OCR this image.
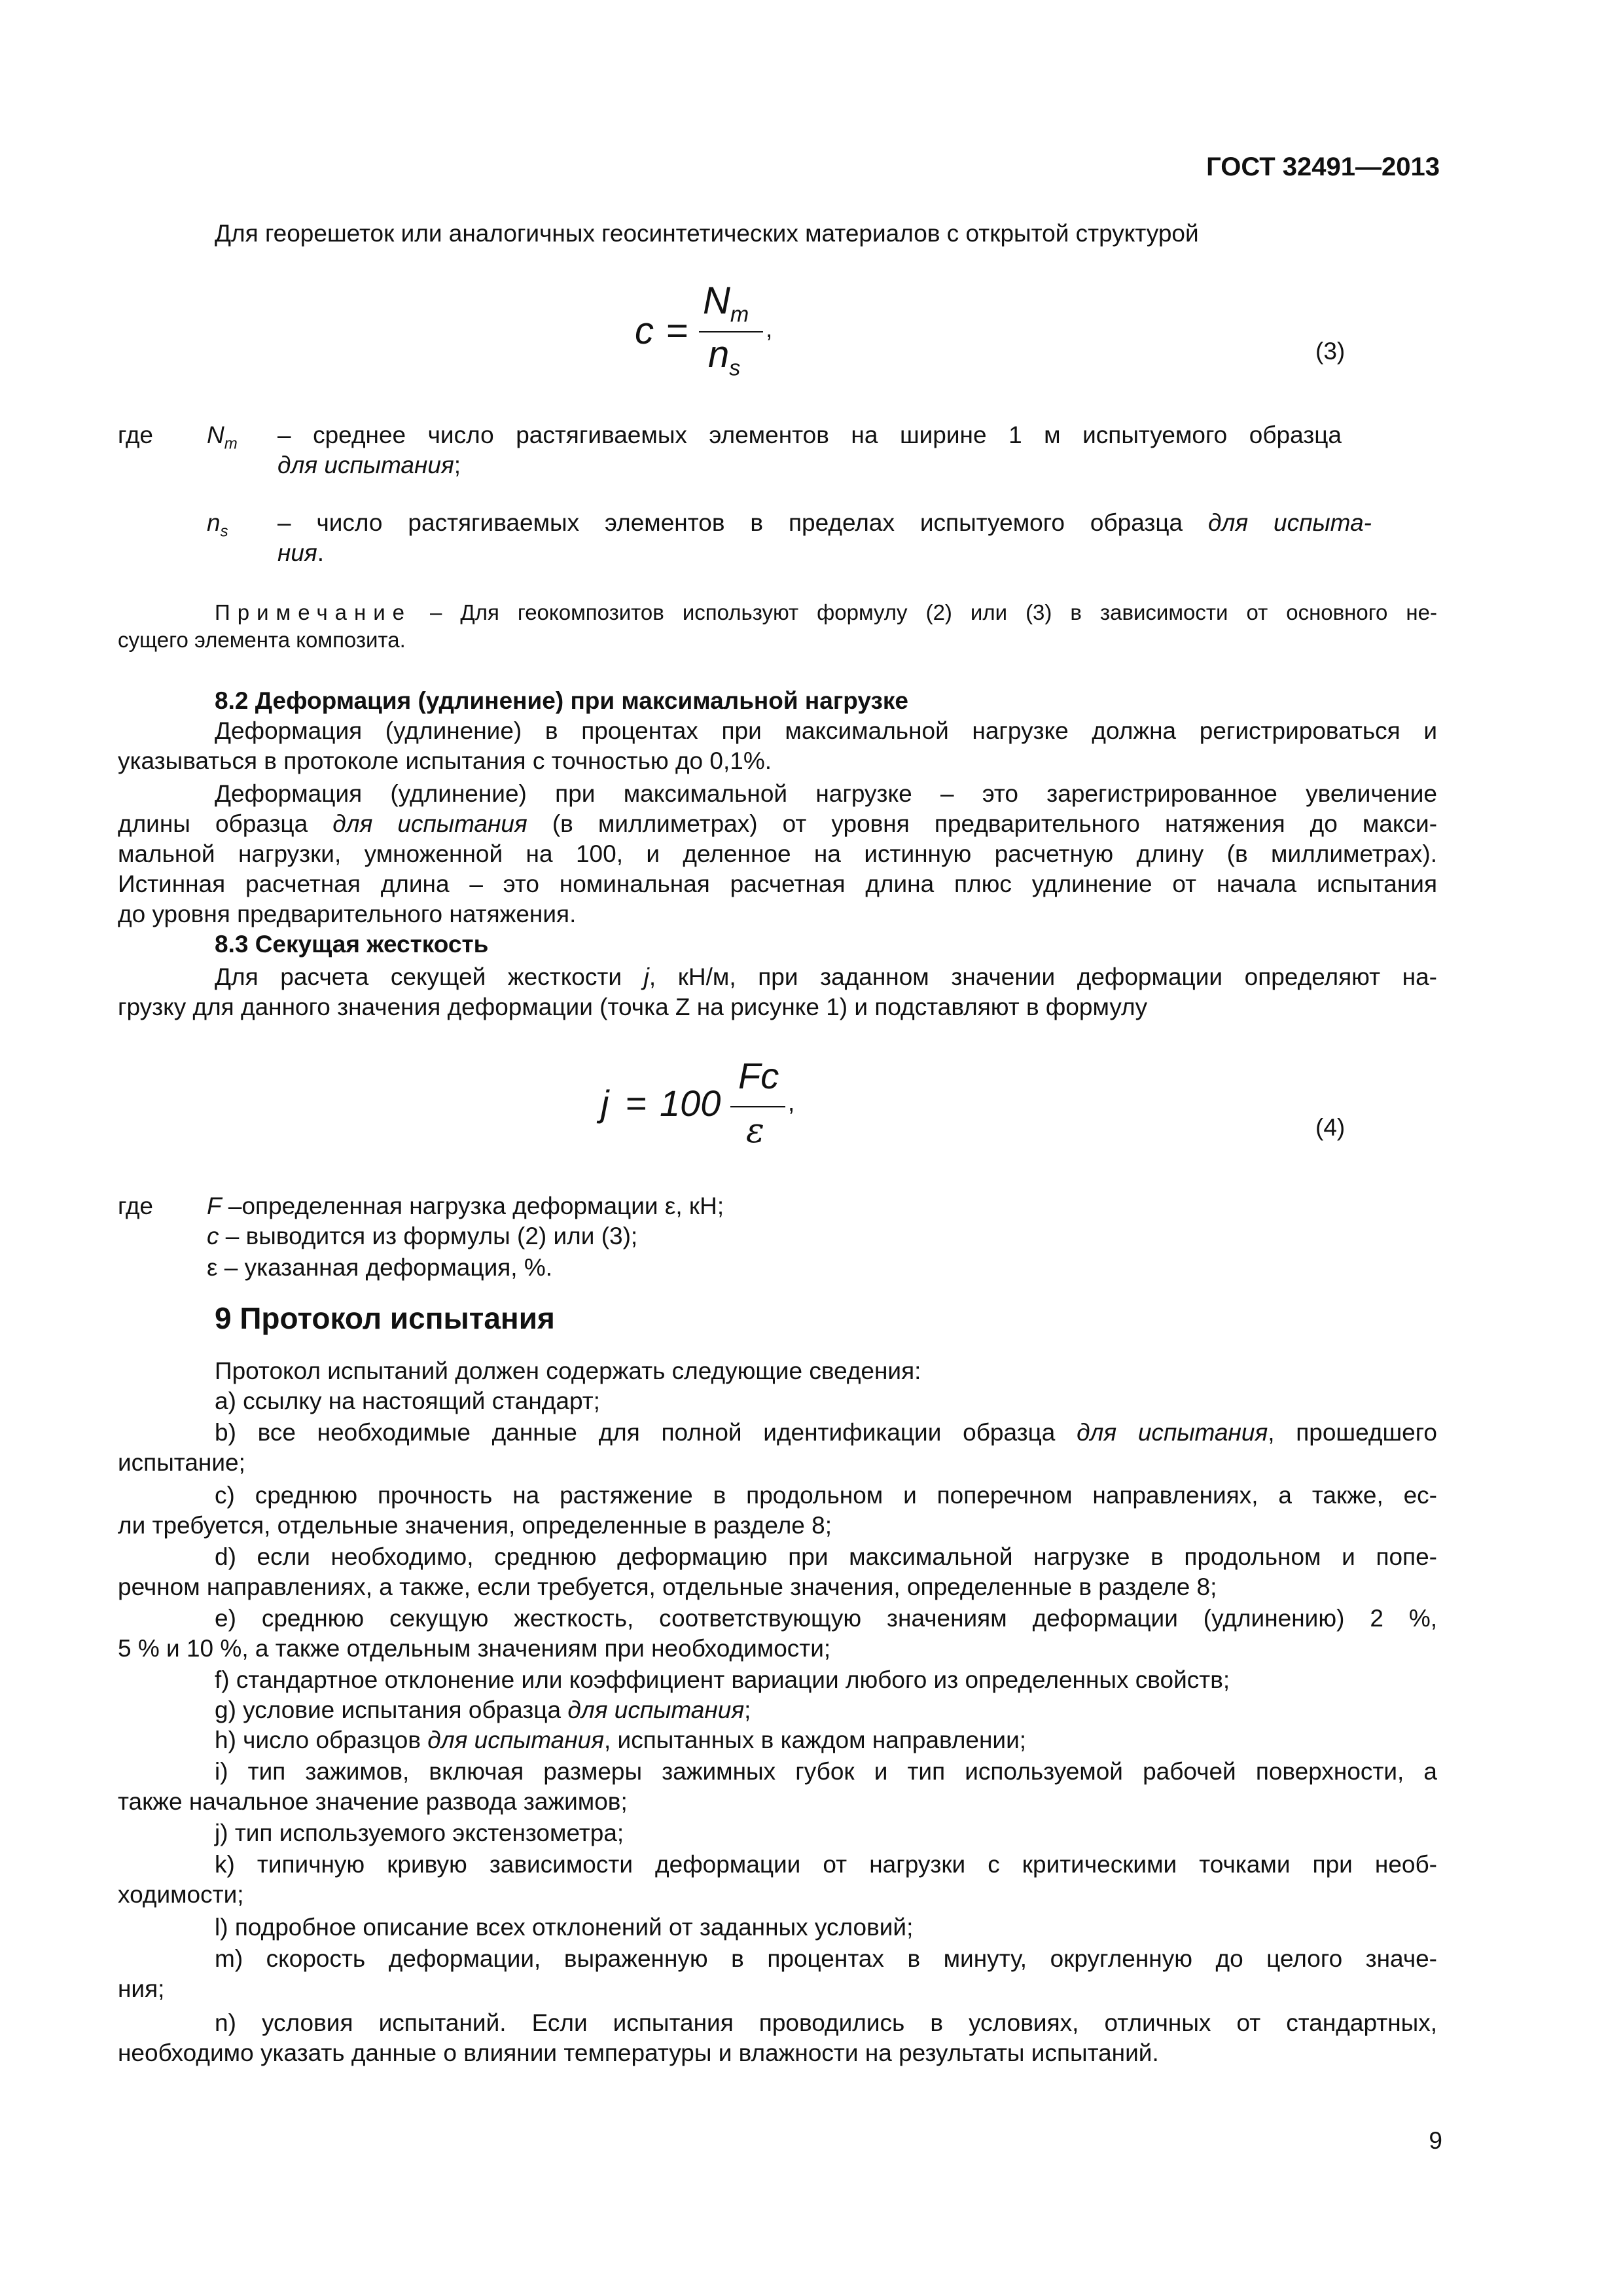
ГОСТ 32491—2013
Для георешеток или аналогичных геосинтетических материалов с открытой структурой
c =
$N_m$
$n_s$
,
(3)
где $N_m$ – среднее число растягиваемых элементов на ширине 1 м испытуемого образца
для испытания;
$n_s$ – число растягиваемых элементов в пределах испытуемого образца для испыта-
ния.
Примечание – Для геокомпозитов используют формулу (2) или (3) в зависимости от основного не-
сущего элемента композита.
8.2 Деформация (удлинение) при максимальной нагрузке
Деформация (удлинение) в процентах при максимальной нагрузке должна регистрироваться и
указываться в протоколе испытания с точностью до 0,1%.
Деформация (удлинение) при максимальной нагрузке – это зарегистрированное увеличение
длины образца для испытания (в миллиметрах) от уровня предварительного натяжения до макси-
мальной нагрузки, умноженной на 100, и деленное на истинную расчетную длину (в миллиметрах).
Истинная расчетная длина – это номинальная расчетная длина плюс удлинение от начала испытания
до уровня предварительного натяжения.
8.3 Секущая жесткость
Для расчета секущей жесткости j, кН/м, при заданном значении деформации определяют на-
грузку для данного значения деформации (точка Z на рисунке 1) и подставляют в формулу
j = 100
Fc
ε
,
(4)
где F –определенная нагрузка деформации ε, кН;
c – выводится из формулы (2) или (3);
ε – указанная деформация, %.
9 Протокол испытания
Протокол испытаний должен содержать следующие сведения:
a) ссылку на настоящий стандарт;
b) все необходимые данные для полной идентификации образца для испытания, прошедшего
испытание;
c) среднюю прочность на растяжение в продольном и поперечном направлениях, а также, ес-
ли требуется, отдельные значения, определенные в разделе 8;
d) если необходимо, среднюю деформацию при максимальной нагрузке в продольном и попе-
речном направлениях, а также, если требуется, отдельные значения, определенные в разделе 8;
e) среднюю секущую жесткость, соответствующую значениям деформации (удлинению) 2 %,
5 % и 10 %, а также отдельным значениям при необходимости;
f) стандартное отклонение или коэффициент вариации любого из определенных свойств;
g) условие испытания образца для испытания;
h) число образцов для испытания, испытанных в каждом направлении;
i) тип зажимов, включая размеры зажимных губок и тип используемой рабочей поверхности, а
также начальное значение развода зажимов;
j) тип используемого экстензометра;
k) типичную кривую зависимости деформации от нагрузки с критическими точками при необ-
ходимости;
l) подробное описание всех отклонений от заданных условий;
m) скорость деформации, выраженную в процентах в минуту, округленную до целого значе-
ния;
n) условия испытаний. Если испытания проводились в условиях, отличных от стандартных,
необходимо указать данные о влиянии температуры и влажности на результаты испытаний.
9
